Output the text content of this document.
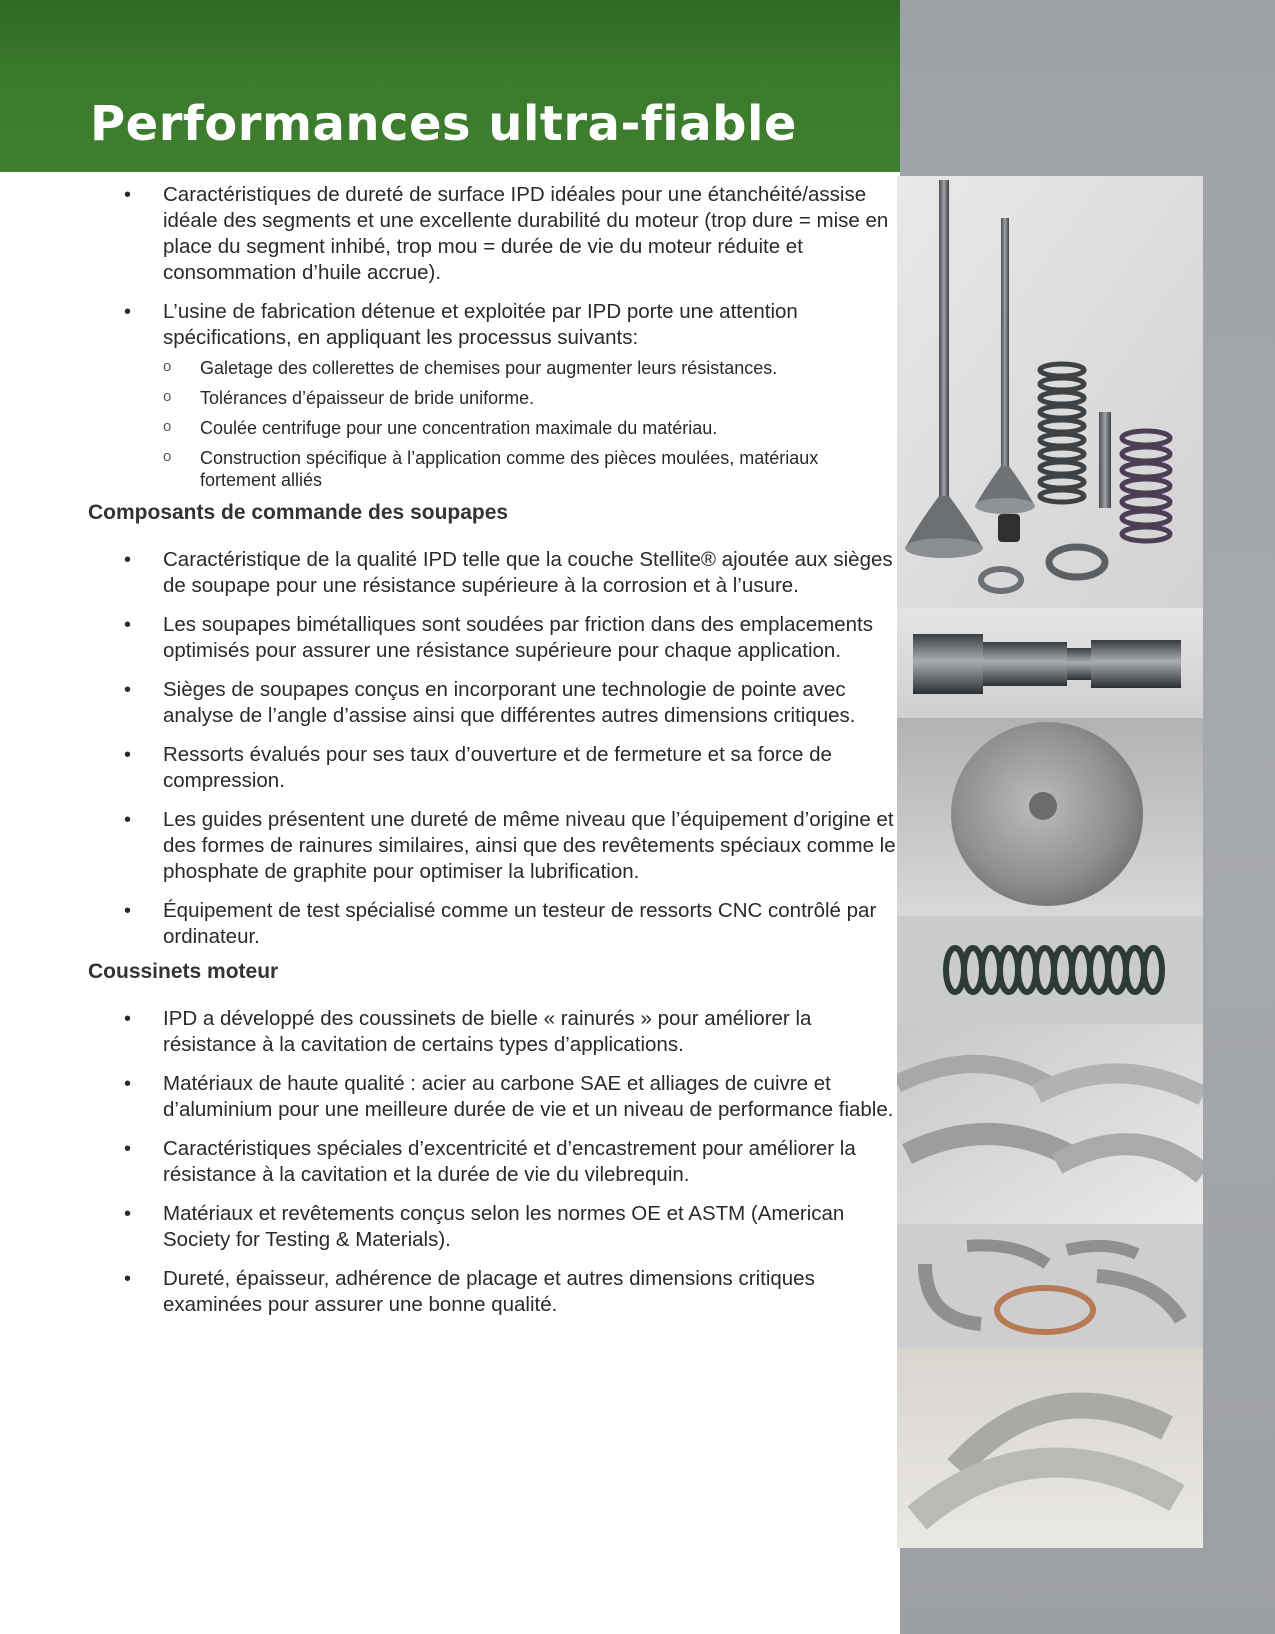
Performances ultra-fiable
• Caractéristiques de dureté de surface IPD idéales pour une étanchéité/assise idéale des segments et une excellente durabilité du moteur (trop dure = mise en place du segment inhibé, trop mou = durée de vie du moteur réduite et consommation d’huile accrue).
• L’usine de fabrication détenue et exploitée par IPD porte une attention spécifications, en appliquant les processus suivants:
o Galetage des collerettes de chemises pour augmenter leurs résistances.
o Tolérances d’épaisseur de bride uniforme.
o Coulée centrifuge pour une concentration maximale du matériau.
o Construction spécifique à l’application comme des pièces moulées, matériaux fortement alliés
Composants de commande des soupapes
• Caractéristique de la qualité IPD telle que la couche Stellite® ajoutée aux sièges de soupape pour une résistance supérieure à la corrosion et à l’usure.
• Les soupapes bimétalliques sont soudées par friction dans des emplacements optimisés pour assurer une résistance supérieure pour chaque application.
• Sièges de soupapes conçus en incorporant une technologie de pointe avec analyse de l’angle d’assise ainsi que différentes autres dimensions critiques.
• Ressorts évalués pour ses taux d’ouverture et de fermeture et sa force de compression.
• Les guides présentent une dureté de même niveau que l’équipement d’origine et des formes de rainures similaires, ainsi que des revêtements spéciaux comme le phosphate de graphite pour optimiser la lubrification.
• Équipement de test spécialisé comme un testeur de ressorts CNC contrôlé par ordinateur.
Coussinets moteur
• IPD a développé des coussinets de bielle « rainurés » pour améliorer la résistance à la cavitation de certains types d’applications.
• Matériaux de haute qualité : acier au carbone SAE et alliages de cuivre et d’aluminium pour une meilleure durée de vie et un niveau de performance fiable.
• Caractéristiques spéciales d’excentricité et d’encastrement pour améliorer la résistance à la cavitation et la durée de vie du vilebrequin.
• Matériaux et revêtements conçus selon les normes OE et ASTM (American Society for Testing & Materials).
• Dureté, épaisseur, adhérence de placage et autres dimensions critiques examinées pour assurer une bonne qualité.
